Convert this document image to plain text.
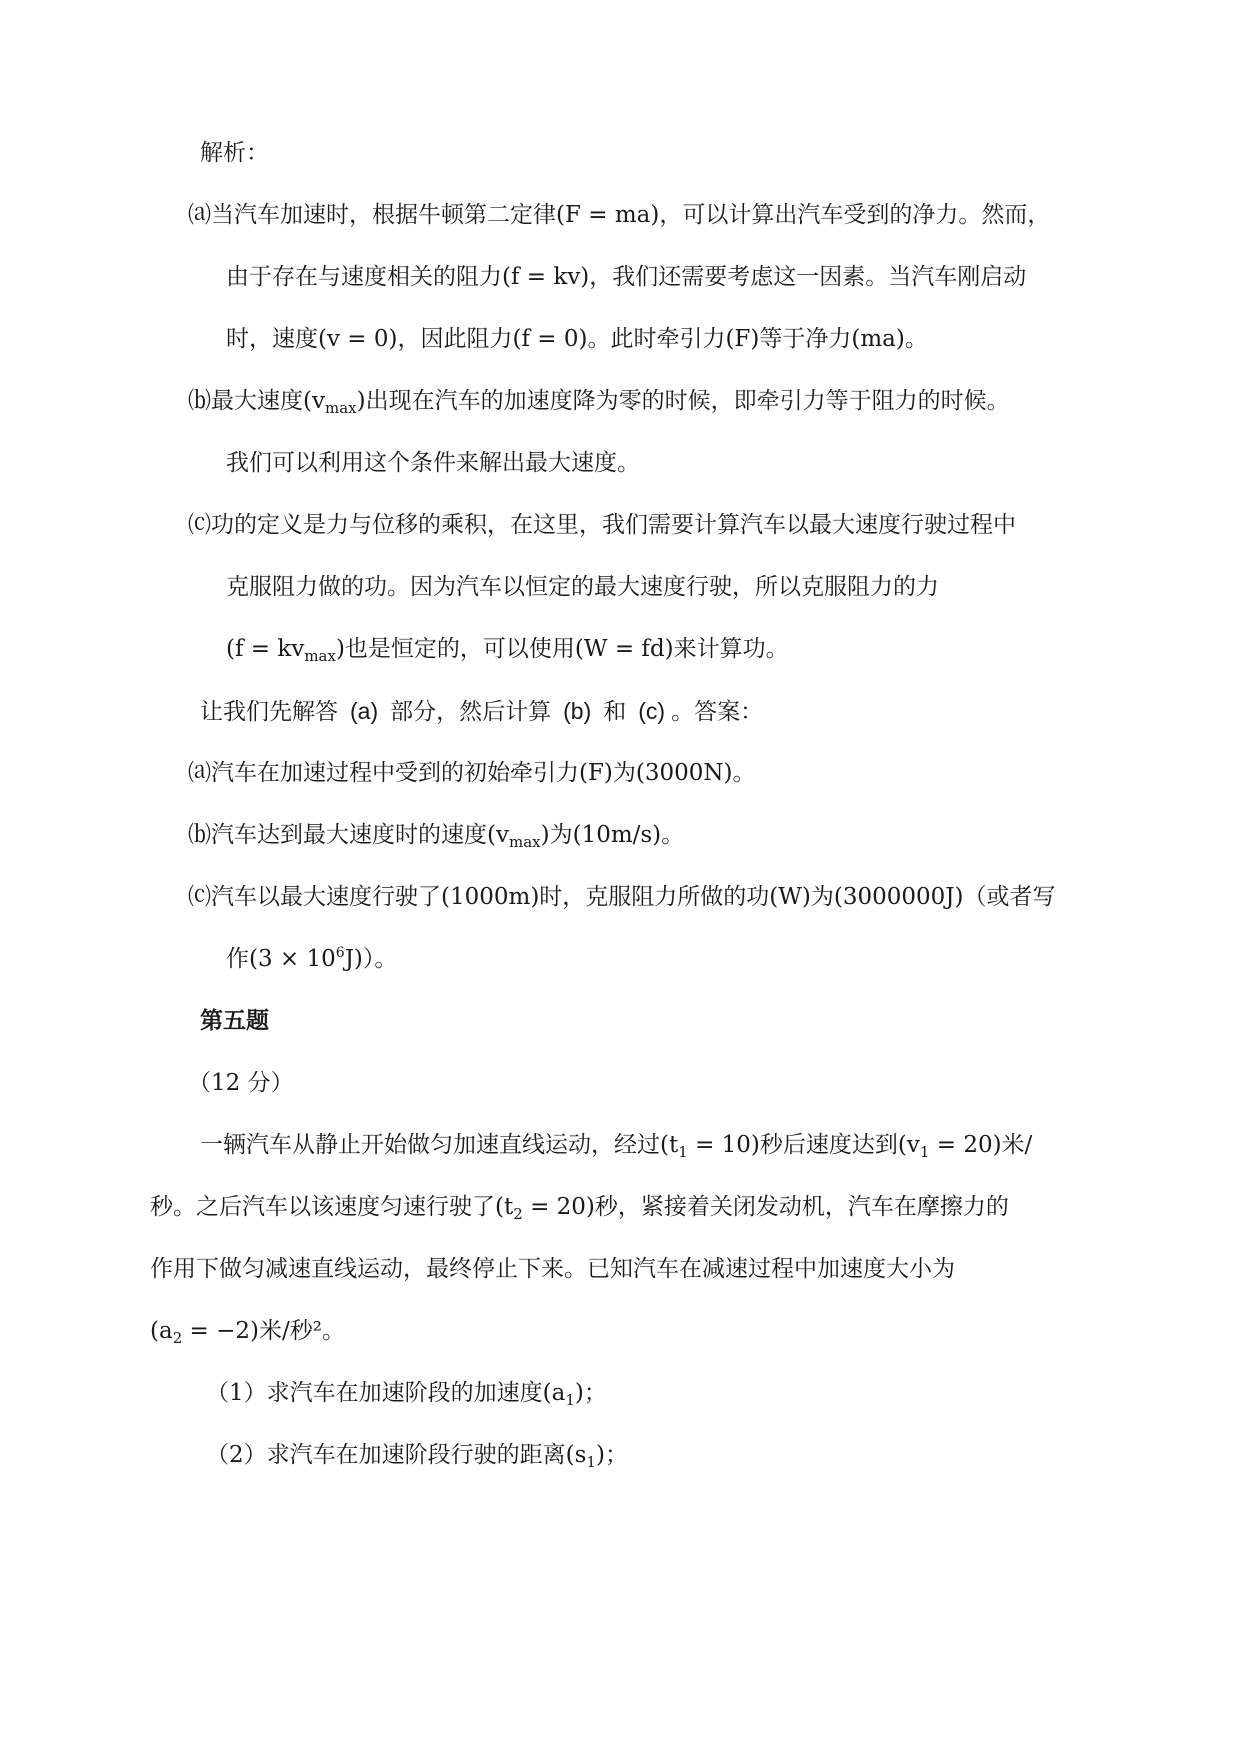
解析：
⒜当汽车加速时，根据牛顿第二定律(F = ma)，可以计算出汽车受到的净力。然而，
由于存在与速度相关的阻力(f = kv)，我们还需要考虑这一因素。当汽车刚启动
时，速度(v = 0)，因此阻力(f = 0)。此时牵引力(F)等于净力(ma)。
⒝最大速度$(v_{max})$出现在汽车的加速度降为零的时候，即牵引力等于阻力的时候。
我们可以利用这个条件来解出最大速度。
⒞功的定义是力与位移的乘积，在这里，我们需要计算汽车以最大速度行驶过程中
克服阻力做的功。因为汽车以恒定的最大速度行驶，所以克服阻力的力
$(f = kv_{max})$也是恒定的，可以使用(W = fd)来计算功。
让我们先解答 (a) 部分，然后计算 (b) 和 (c) 。答案：
⒜汽车在加速过程中受到的初始牵引力(F)为(3000N)。
⒝汽车达到最大速度时的速度$(v_{max})$为(10m/s)。
⒞汽车以最大速度行驶了(1000m)时，克服阻力所做的功(W)为(3000000J)（或者写
作$(3 \times 10^6J)$）。
第五题
（12 分）
一辆汽车从静止开始做匀加速直线运动，经过$(t_1 = 10)$秒后速度达到$(v_1 = 20)$米/
秒。之后汽车以该速度匀速行驶了$(t_2 = 20)$秒，紧接着关闭发动机，汽车在摩擦力的
作用下做匀减速直线运动，最终停止下来。已知汽车在减速过程中加速度大小为
$(a_2 = -2)$米/秒²。
（1）求汽车在加速阶段的加速度$(a_1)$；
（2）求汽车在加速阶段行驶的距离$(s_1)$；
